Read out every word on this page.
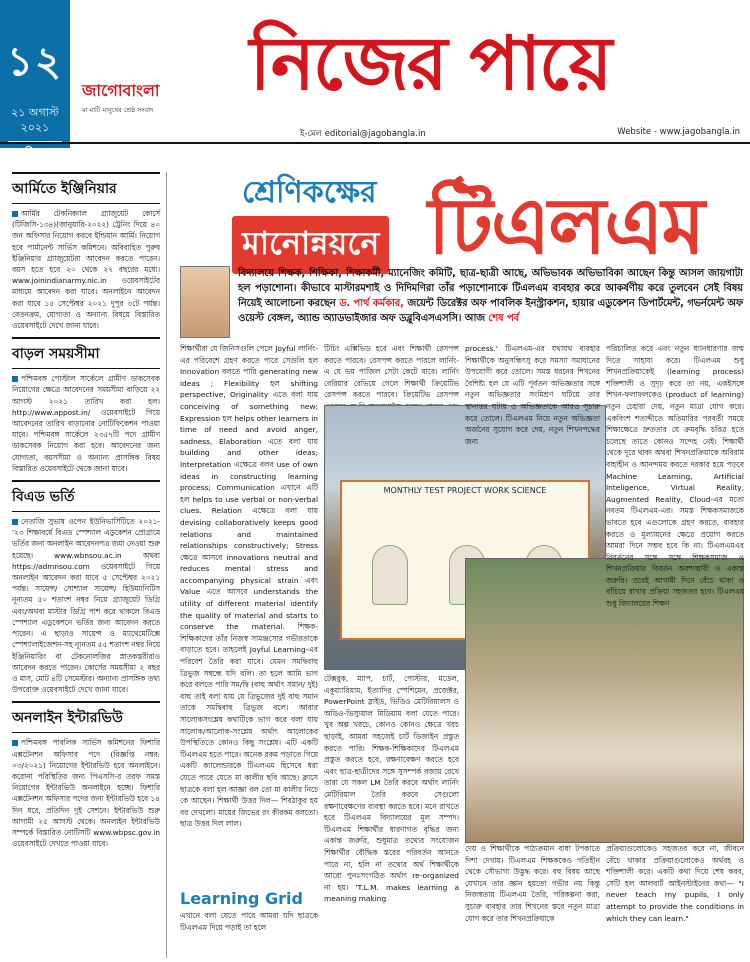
১২
২১ অগাস্ট ২০২১
শনিবার
জাগোবাংলা
মা মাটি মানুষের শ্রেষ্ঠ সংবাদ
নিজের পায়ে
ই-মেল editorial@jagobangla.in	Website - www.jagobangla.in
আর্মিতে ইঞ্জিনিয়ার
আর্মির টেকনিক্যাল গ্র্যাজুয়েট কোর্সে (টিজিসি-১৩৪)(জানুয়ারি-২০২২) ট্রেনিং দিয়ে ৪০ জন অফিসার নিয়োগ করবে ইন্ডিয়ান আর্মি। নিয়োগ হবে পার্মানেন্ট সার্ভিস কমিশনে। অবিবাহিত পুরুষ ইঞ্জিনিয়ার গ্র্যাজুয়েটরা আবেদন করতে পারেন। বয়স হতে হবে ২০ থেকে ২৭ বছরের মধ্যে। www.joinindianarmy.nic.in ওয়েবসাইটের মাধ্যমে আবেদন করা যাবে। অনলাইনে আবেদন করা যাবে ১৫ সেপ্টেম্বর ২০২১ দুপুর ৩টে পর্যন্ত। বেতনক্রম, যোগ্যতা ও অন্যান্য বিষয়ে বিস্তারিত ওয়েবসাইটে দেখে জানা যাবে।
বাড়ল সময়সীমা
পশ্চিমবঙ্গ পোস্টাল সার্কেলে গ্রামীণ ডাকসেবক নিয়োগের ক্ষেত্রে আবেদনের সময়সীমা বাড়িয়ে ২২ আগস্ট ২০২১ তারিখ করা হল। http://www.appost.in/ ওয়েবসাইটে গিয়ে আবেদনের তারিখ বাড়ানোর নোটিফিকেশন পাওয়া যাবে। পশ্চিমবঙ্গ সার্কেলে ২৩৫৭টি পদে গ্রামীণ ডাকসেবক নিয়োগ করা হবে। আবেদনের জন্য যোগ্যতা, বয়সসীমা ও অন্যান্য প্রাসঙ্গিক বিষয় বিস্তারিত ওয়েবসাইটে থেকে জানা যাবে।
বিএড ভর্তি
নেতাজি সুভাষ ওপেন ইউনিভার্সিটিতে ২০২১-'২৩ শিক্ষাবর্ষে বিএড স্পেশ্যাল এডুকেশন প্রোগ্রামে ভর্তির জন্য অনলাইন আবেদনপত্র জমা নেওয়া শুরু হয়েছে। www.wbnsou.ac.in অথবা https://admnsou.com ওয়েবসাইটে গিয়ে অনলাইন আবেদন করা যাবে ৫ সেপ্টেম্বর ২০২১ পর্যন্ত। সায়েন্স/ সোশ্যাল সায়েন্স/ হিউম্যানিটিস নূন্যতম ৫০ শতাংশ নম্বর নিয়ে গ্র্যাজুয়েট ডিগ্রি এবং/অথবা মাস্টার ডিগ্রি পাশ করে থাকলে বিএড স্পেশ্যাল এডুকেশনে ভর্তির জন্য আবেদন করতে পারেন। এ ছাড়াও সায়েন্স ও ম্যাথেমেটিক্সে স্পেশ্যালাইজেশন-সহ ন্যূনতম ৫৫ শতাংশ নম্বর নিয়ে ইঞ্জিনিয়ারিং বা টেকনোলজির স্নাতকস্তরীরাও আবেদন করতে পারেন। কোর্সের সময়সীমা ২ বছর ও মাস, মোট ৪টি সেমেস্টার। অন্যান্য প্রাসঙ্গিক তথ্য উপরোক্ত ওয়েবসাইটে দেখে জানা যাবে।
অনলাইন ইন্টারভিউ
পশ্চিমবঙ্গ পাবলিক সার্ভিস কমিশনের ফিশারি এক্সটেনশন অফিসার পদে (বিজ্ঞপ্তি নম্বর: ০৩/২০২১) নিয়োগের ইন্টারভিউ হবে অনলাইনে। করোনা পরিস্থিতির জন্য পিএসসি-র তরফ সমস্ত নিয়োগের ইন্টারভিউ অনলাইনে হচ্ছে। ফিশারি এক্সটেনশন অফিসার পদের জন্য ইন্টারভিউ হবে ১৪ দিন ধরে, প্রতিদিন দুই সেশনে। ইন্টারভিউ শুরু আগামী ২৫ আগস্ট থেকে। অনলাইন ইন্টারভিউ সম্পর্কে বিস্তারিত নোটিসটি www.wbpsc.gov.in ওয়েবসাইটে দেখতে পাওয়া যাবে।
শ্রেণিকক্ষের
মানোন্নয়নে টিএলএম
বিদ্যালয়ে শিক্ষক, শিক্ষিকা, শিক্ষাকর্মী, ম্যানেজিং কমিটি, ছাত্র-ছাত্রী আছে, অভিভাবক অভিভাবিকা আছেন কিন্তু আসল জায়গাটা হল পড়াশোনা। কীভাবে মাস্টারমশাই ও দিদিমণিরা তাঁর পড়াশোনাকে টিএলএম ব্যবহার করে আকর্ষণীয় করে তুলবেন সেই বিষয় নিয়েই আলোচনা করছেন ড. পার্থ কর্মকার, জয়েন্ট ডিরেক্টর অফ পাবলিক ইনস্ট্রাকশন, হায়ার এডুকেশন ডিপার্টমেন্ট, গভর্নমেন্ট অফ ওয়েস্ট বেঙ্গল, অ্যান্ড অ্যাডভাইজার অফ ডব্লুবিএসএসসি। আজ শেষ পর্ব
শিক্ষার্থীরা যে জিনিসগুলি পেলে Joyful লার্নিং-এর পরিবেশে গ্রহণ করতে পারে সেগুলি হল Innovation বলতে পারি generating new ideas ; Flexibility হল shifting perspective, Originality এতে বলা যায় conceiving of something new; Expression হল helps other learners in time of need and avoid anger, sadness, Elaboration এতে বলা যায় building and other ideas; Interpretation এক্ষেত্রে বলব use of own ideas in constructing learning process; Communication এখানে এটি হল helps to use verbal or non-verbal clues. Relation এক্ষেত্রে বলা যায় devising collaboratively keeps good relations and maintained relationships constructively; Stress ক্ষেত্রে আসবে innovations neutral and reduces mental stress and accompanying physical strain এবং Value এতে আসবে understands the utility of different material identify the quality of material and starts to conserve the material. শিক্ষক-শিক্ষিকাদের তাঁর নিজস্ব সামঞ্জস্যের গভীরতাকে বাড়াতে হবে। তাহলেই Joyful Learning-এর পরিবেশ তৈরি করা যাবে। যেমন সমদ্বিবাহু ত্রিভুজ সম্বন্ধে যদি বলি। তা হলে আমি ভাগ করে বলতে পারি সম/দ্বি (বাহু অর্থাৎ সমান/ দুই) বাহু তাই বলা যায় যে ত্রিভুজের দুই বাহু সমান তাকে সমদ্বিবাহু ত্রিভুজ বলে। আবার সালোকসংশ্লেষ কথাটিকে ভাগ করে বলা যায় সালোক/আলোক-সংশ্লেষ অর্থাৎ আলোকের উপস্থিতিতে কোনও কিছু সংশ্লেষ। এটি একটি টিএলএম হতে পারে। অনেক রকম পড়াতে গিয়ে একটি ক্যালেন্ডারকে টিএলএম হিসেবে ধরা যেতে পারে যেতে মা কালীর ছবি আছে। ক্লাসে ছাত্রকে বলা হল আজ্ঞা বল তো মা কালীর নিচে কে আছেন। শিক্ষার্থী উত্তর দিল— শিবঠাকুর হয় বর দেখলো। মায়ের জিভের রং কীরকম বলতো। ছাত্র উত্তর দিল লাল।
Learning Grid
এখানে বলা যেতে পারে আমরা যদি ছাত্রকে টিএলএম দিয়ে পড়াই তা হলে
টিচিং এক্সিভিড হবে এবং শিক্ষার্থী রেসপন্স করতে পারবে। রেসপন্স করতে পারলে লার্নিং-এ যে ভয় পাজিল সেটা কেটে যাবে। লার্নিং বেরিয়ার রেভিয়ে গেলে শিক্ষার্থী ক্রিয়েটিভ রেসপন্স করতে পারবে। ক্রিয়েটিভ রেসপন্স
MONTHLY TEST PROJECT WORK SCIENCE
টেক্সবুক, ম্যাপ, চার্ট, পোস্টার, মডেল, একুয়্যারিয়াম, ইত্যাদির স্পেশিমেন, প্রজেক্টর, PowerPoint স্লাইড, ভিডিও মেটিরিয়ালস ও অডিও-ভিস্যুয়াল মিডিয়াম বলা যেতে পারে। খুব অল্প খরচে, কোনও কোনও ক্ষেত্রে খরচ ছাড়াই, আমরা সহজেই চার্ট ডিজাইন প্রস্তুত করতে পারি। শিক্ষক-শিক্ষিকাদের টিএলএম প্রস্তুত করতে হবে, রক্ষণাবেক্ষণ করতে হবে এবং ছাত্র-ছাত্রীদের সঙ্গে সুসম্পর্ক বজায় রেখে তারা যে সকল LM তৈরি করবে অর্থাৎ লার্নিং মেটিরিয়াল তৈরি করবে সেগুলো রক্ষণাবেক্ষণের ব্যবস্থা করতে হবে। মনে রাখতে হবে টিএলএম বিদ্যালয়ের মূল সম্পদ। টিএলএম শিক্ষার্থীর ধারণাগত বৃদ্ধির জন্য একান্ত জরুরি, শুধুমাত্র তথ্যের সংযোজন শিক্ষার্থীর বৌদ্ধিক স্তরের পরিবর্তন আনতে পারে না, হলি না তথ্যের অর্থ শিক্ষার্থীকে আরো পুনঃসংগঠিত অর্থাৎ re-organized না হয়। 'T.L.M. makes learning a meaning making
process.' টিএলএম-এর যথাযথ ব্যবহার শিক্ষার্থীকে অনুসন্ধিৎসু করে সমস্যা সমাধানের উপযোগী করে তোলে। সমস্ত ধরনের শিখনের বৈশিষ্ট্য হল যে এটি পূর্বতন অভিজ্ঞতার সঙ্গে নতুন অভিজ্ঞতার সংমিশ্রণ ঘটিয়ে তার স্থানান্তর ঘটায় ও অভিজ্ঞতাকে আরও সূচারু করে তোলে। টিএলএম নিয়ে নতুন অভিজ্ঞতা অর্জনের সুযোগ করে দেয়, নতুন শিখনপদ্ধের জন্য
দেয় ও শিক্ষার্থীকে পাঠ্যক্রমান বাধা টপকাতে দিশা দেখায়। টিএলএম শিক্ষককেও গতিহীন থেকে সৌভাগ্য উদ্ভুদ্ধ করে। বহু বিষয় আছে যেখানে তার জ্ঞান হয়তো গভীর নয় কিন্তু নিজস্বতায় টিএলএম তৈরি, পরিকল্পনা করা, সুচারু ব্যবহার তার শিখনের স্তরে নতুন মাত্রা যোগ করে তার শিখনপ্রক্রিয়াকে
পরিচালিত করে এবং নতুন ধ্যানধারণার জন্ম দিতে সাহায্য করে। টিএলএম শুধু শিখনপ্রক্রিয়াকেই (learning process) শক্তিশালী ও সুদৃঢ় করে তা নয়, একইসঙ্গে শিখন-ফলাফলকেও (product of learning) নতুন চেহারা দেয়, নতুন মাত্রা যোগ করে। একবিংশ শতাব্দীতে অতিমারির পরবর্তী সময়ে শিক্ষাক্ষেত্রে দ্রুততার যে ক্রমবৃদ্ধি চরিত্র হতে চলেছে তাতে কোনও সন্দেহ নেই। শিক্ষার্থী থেকে দূরে থাকা অথবা শিখনপ্রক্রিয়াকে অবিরাম বাহাহীন ও আনন্দময় করতে দরকার হয়ে পড়বে Machine Learning, Artificial Inteligence, Virtual Reality, Augmented Reality, Cloud-এর মতো নবতম টিএলএম-এর। সমস্ত শিক্ষকসমাজকে ভাবতে হবে এগুলোকে গ্রহণ করতে, ব্যবহার করতে ও মূল্যায়নের ক্ষেত্রে প্রয়োগ করতে আমরা দিনে সম্ভব হবে কি না। টিএলএমএর বিবর্তনের সঙ্গে সঙ্গে শিক্ষকসমাজ ও শিখনপ্রক্রিয়ার বিবর্তন অবশ্যম্ভাবী ও একান্ত জরুরি। তবেই আগামী দিনে বেঁচে থাকা ও বাঁচিয়ে রাখার প্রক্রিয়া সহজতর হবে। টিএলএম শুধু বিদ্যালয়ের শিক্ষণ
প্রক্রিয়াগুলোকেও সহজতর করে না, জীবনে বেঁচে থাকার প্রক্রিয়াগুলোকেও অর্থবহ ও শক্তিশালী করে। একটি কথা দিয়ে শেষ করব, সেটি হল আলবার্ট আইনস্টাইনের কথা— "I never teach my pupils, I only attempt to provide the conditions in which they can learn."
